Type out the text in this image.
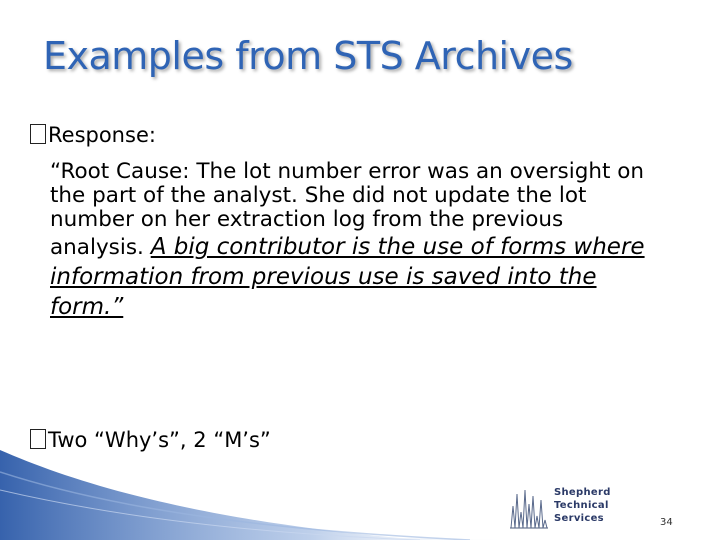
Examples from STS Archives
Response:
“Root Cause: The lot number error was an oversight on the part of the analyst. She did not update the lot number on her extraction log from the previous analysis. A big contributor is the use of forms where information from previous use is saved into the form.”
Two “Why’s”, 2 “M’s”
Shepherd
Technical
Services	34
